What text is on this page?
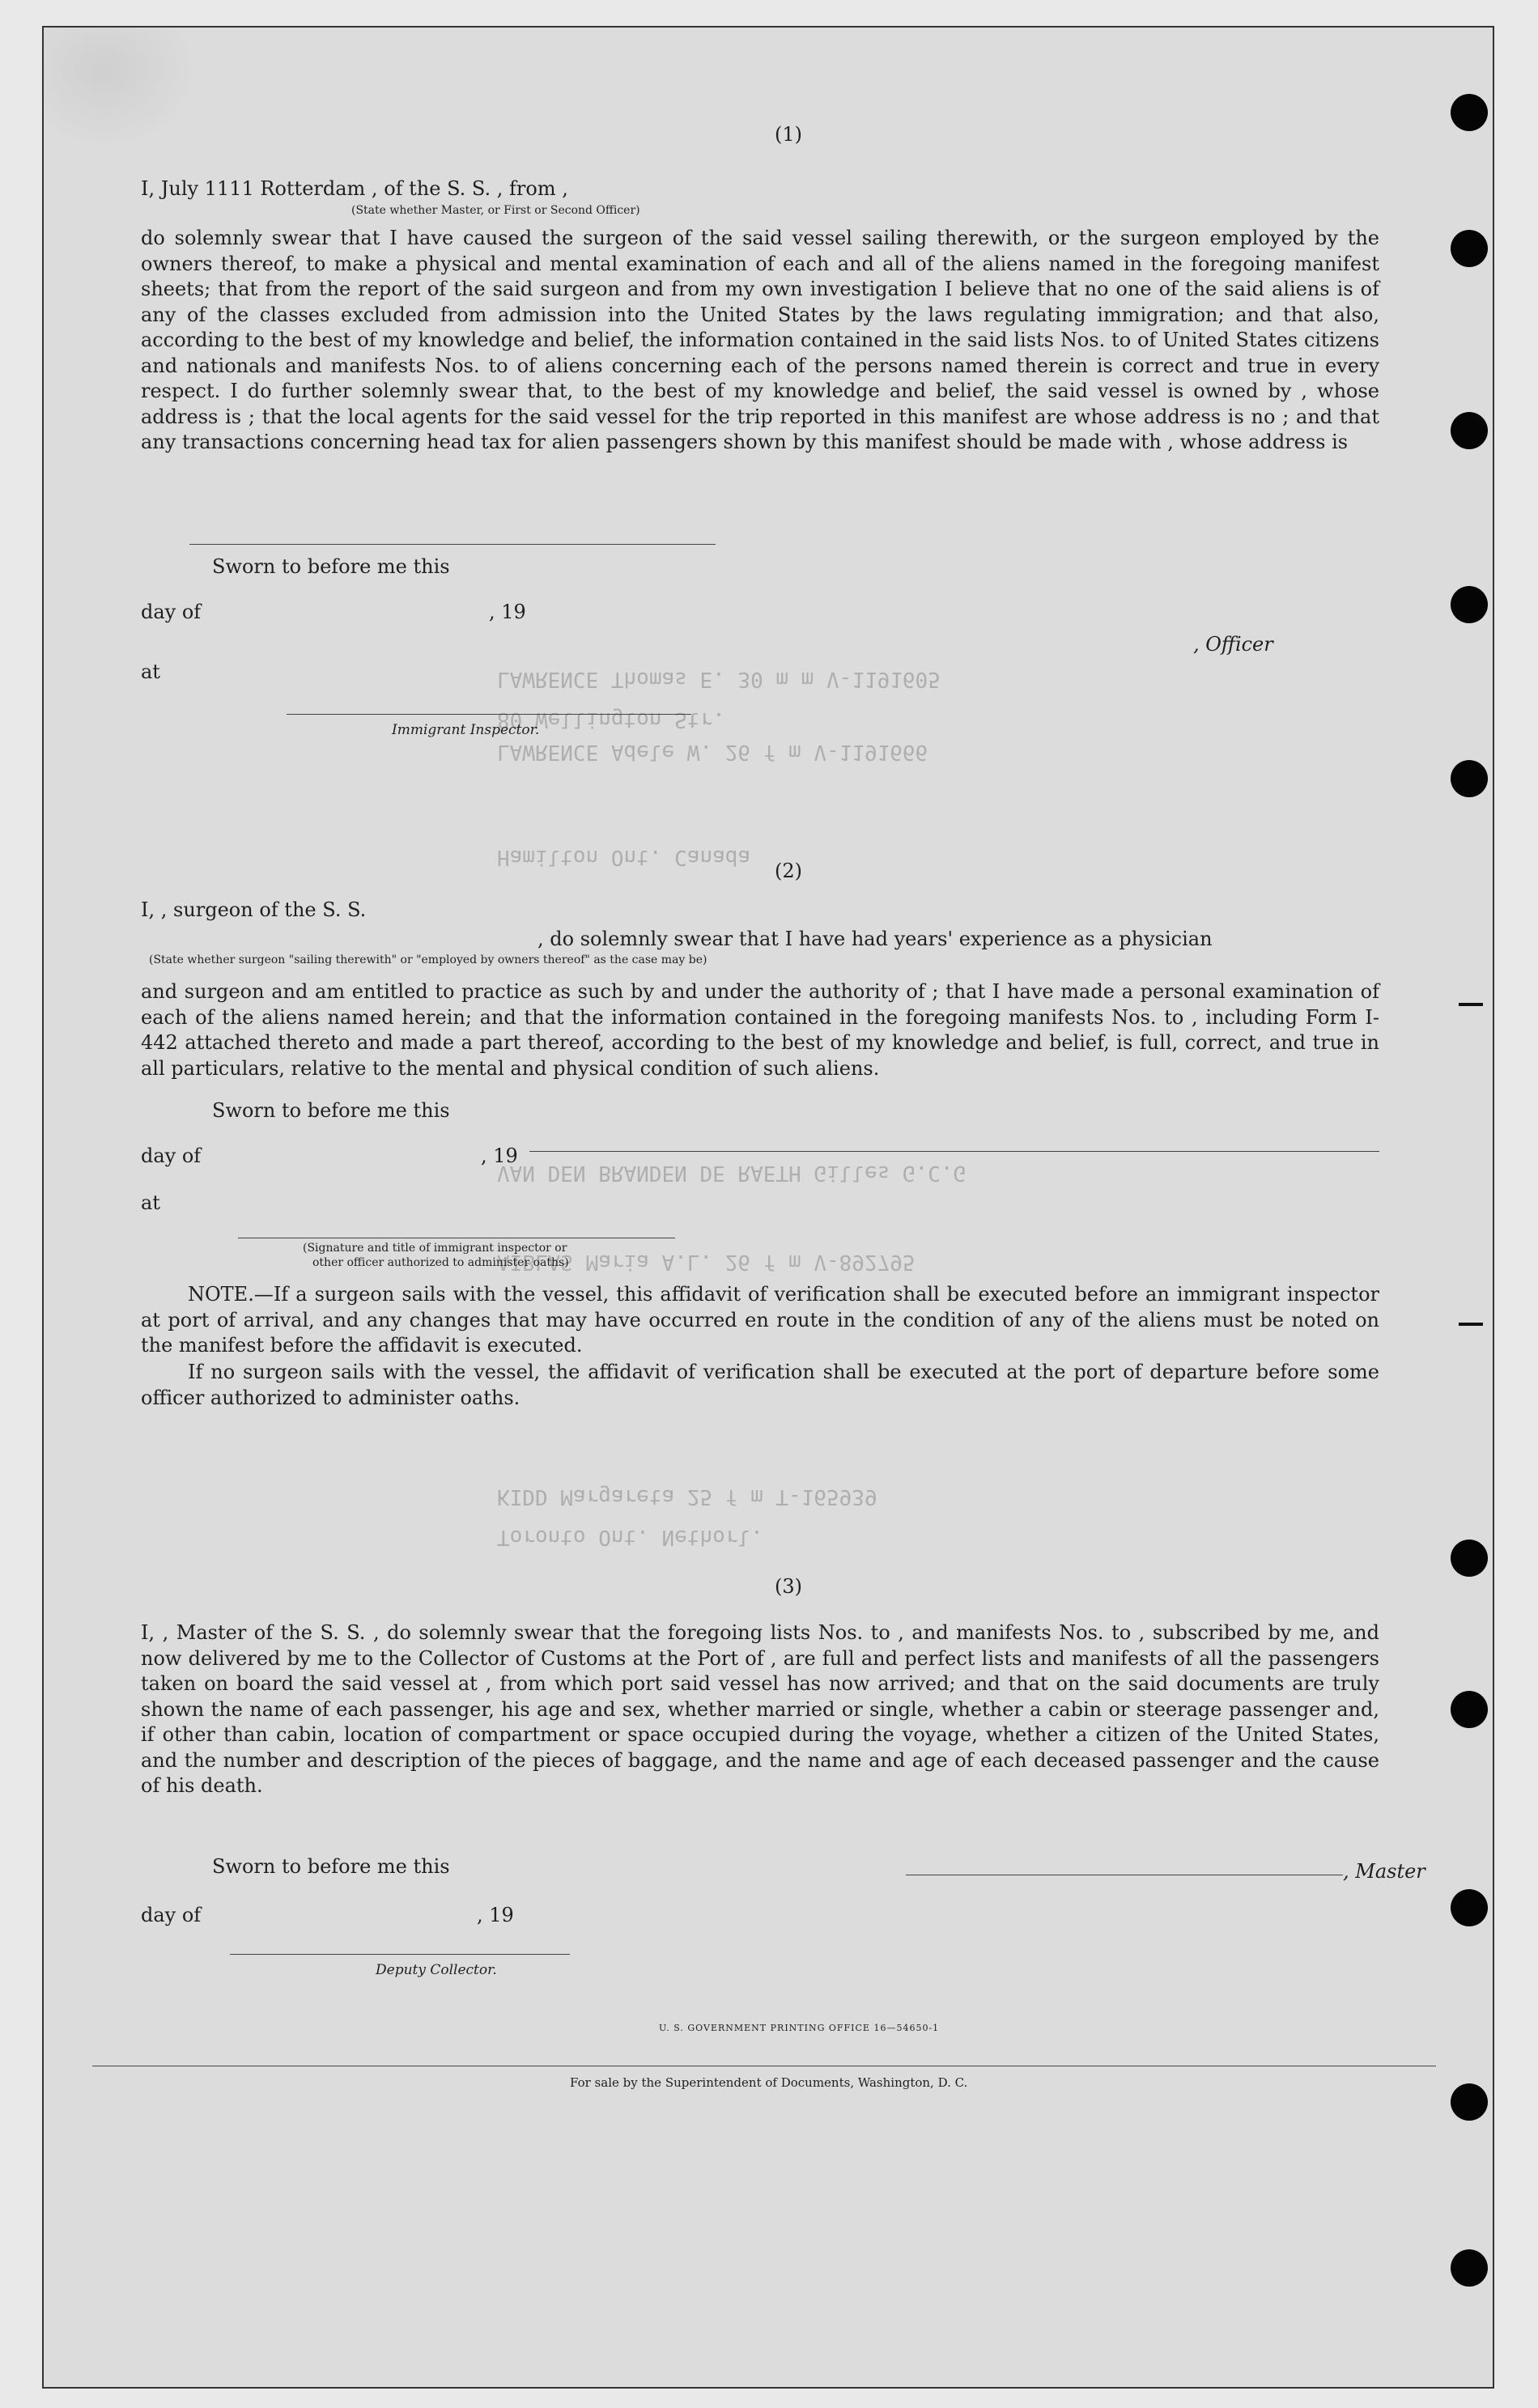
LAWRENCE Thomas E. 30 m m V-1191605
80 Wellington Str.
LAWRENCE Adele W. 26 f m V-1191666
Hamilton Ont. Canada
VAN DEN BRANDEN DE RAETH Gilles G.C.G
AIBLAS Maria A.L. 26 f m V-892795
KIDD Margareta 25 f m T-165939
Toronto Ont. Nethorl.
(1)
I, July 1111 Rotterdam , of the S. S. , from ,
(State whether Master, or First or Second Officer)
do solemnly swear that I have caused the surgeon of the said vessel sailing therewith, or the surgeon employed by the owners thereof, to make a physical and mental examination of each and all of the aliens named in the foregoing manifest sheets; that from the report of the said surgeon and from my own investigation I believe that no one of the said aliens is of any of the classes excluded from admission into the United States by the laws regulating immigration; and that also, according to the best of my knowledge and belief, the information contained in the said lists Nos. to of United States citizens and nationals and manifests Nos. to of aliens concerning each of the persons named therein is correct and true in every respect. I do further solemnly swear that, to the best of my knowledge and belief, the said vessel is owned by , whose address is ; that the local agents for the said vessel for the trip reported in this manifest are whose address is no ; and that any transactions concerning head tax for alien passengers shown by this manifest should be made with , whose address is
Sworn to before me this
day of	, 19
, Officer
at
Immigrant Inspector.
(2)
I, , surgeon of the S. S.
, do solemnly swear that I have had years' experience as a physician
(State whether surgeon "sailing therewith" or "employed by owners thereof" as the case may be)
and surgeon and am entitled to practice as such by and under the authority of ; that I have made a personal examination of each of the aliens named herein; and that the information contained in the foregoing manifests Nos. to , including Form I-442 attached thereto and made a part thereof, according to the best of my knowledge and belief, is full, correct, and true in all particulars, relative to the mental and physical condition of such aliens.
Sworn to before me this
day of	, 19
at
(Signature and title of immigrant inspector or
other officer authorized to administer oaths)
NOTE.—If a surgeon sails with the vessel, this affidavit of verification shall be executed before an immigrant inspector at port of arrival, and any changes that may have occurred en route in the condition of any of the aliens must be noted on the manifest before the affidavit is executed.
If no surgeon sails with the vessel, the affidavit of verification shall be executed at the port of departure before some officer authorized to administer oaths.
(3)
I, , Master of the S. S. , do solemnly swear that the foregoing lists Nos. to , and manifests Nos. to , subscribed by me, and now delivered by me to the Collector of Customs at the Port of , are full and perfect lists and manifests of all the passengers taken on board the said vessel at , from which port said vessel has now arrived; and that on the said documents are truly shown the name of each passenger, his age and sex, whether married or single, whether a cabin or steerage passenger and, if other than cabin, location of compartment or space occupied during the voyage, whether a citizen of the United States, and the number and description of the pieces of baggage, and the name and age of each deceased passenger and the cause of his death.
Sworn to before me this	, Master
day of	, 19
Deputy Collector.
U. S. GOVERNMENT PRINTING OFFICE 16—54650-1
For sale by the Superintendent of Documents, Washington, D. C.
